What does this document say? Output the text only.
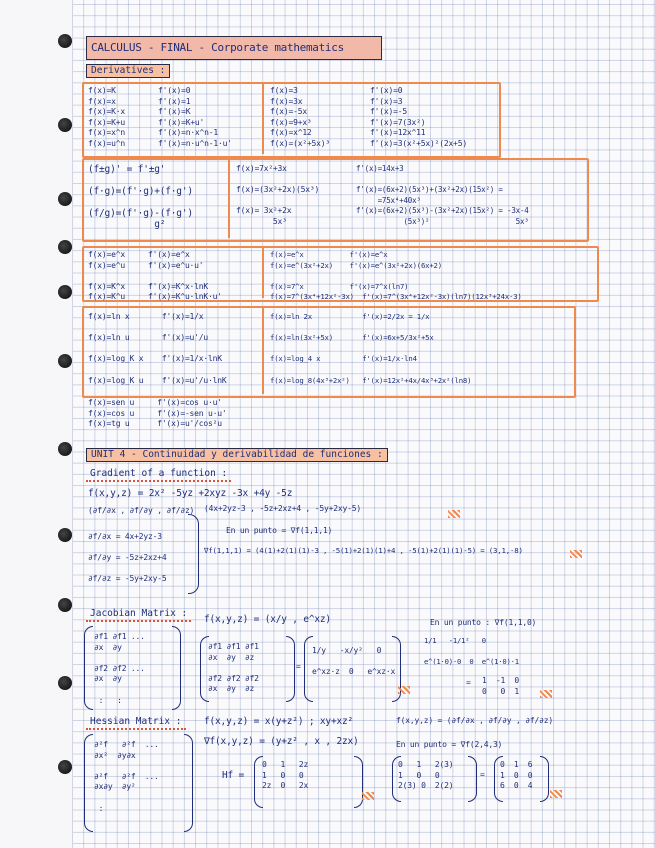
CALCULUS - FINAL - Corporate mathematics
Derivatives :
f(x)=K
f(x)=x
f(x)=K·x
f(x)=K+u
f(x)=x^n
f(x)=u^n
f'(x)=0
f'(x)=1
f'(x)=K
f'(x)=K+u'
f'(x)=n·x^n-1
f'(x)=n·u^n-1·u'
f(x)=3
f(x)=3x
f(x)=-5x
f(x)=9+x³
f(x)=x^12
f(x)=(x²+5x)³
f'(x)=0
f'(x)=3
f'(x)=-5
f'(x)=7(3x²)
f'(x)=12x^11
f'(x)=3(x²+5x)²(2x+5)
(f±g)' = f'±g'

(f·g)=(f'·g)+(f·g')

(f/g)=(f'·g)-(f·g')
g²
f(x)=7x²+3x

f(x)=(3x²+2x)(5x³)

f(x)= 3x²+2x
5x³
f'(x)=14x+3

f'(x)=(6x+2)(5x³)+(3x²+2x)(15x²) =
=75x⁴+40x³
f'(x)=(6x+2)(5x³)-(3x²+2x)(15x²) = -3x-4
(5x³)²                    5x³
f(x)=e^x     f'(x)=e^x
f(x)=e^u     f'(x)=e^u·u'

f(x)=K^x     f'(x)=K^x·lnK
f(x)=K^u     f'(x)=K^u·lnK·u'
f(x)=e^x           f'(x)=e^x
f(x)=e^(3x²+2x)    f'(x)=e^(3x²+2x)(6x+2)

f(x)=7^x           f'(x)=7^x(ln7)
f(x)=7^(3x⁴+12x²-3x)  f'(x)=7^(3x⁴+12x²-3x)(ln7)(12x³+24x-3)
f(x)=ln x       f'(x)=1/x

f(x)=ln u       f'(x)=u'/u

f(x)=log_K x    f'(x)=1/x·lnK

f(x)=log_K u    f'(x)=u'/u·lnK
f(x)=ln 2x            f'(x)=2/2x = 1/x

f(x)=ln(3x²+5x)       f'(x)=6x+5/3x²+5x

f(x)=log_4 x          f'(x)=1/x·ln4

f(x)=log_8(4x³+2x²)   f'(x)=12x²+4x/4x³+2x²(ln8)
f(x)=sen u     f'(x)=cos u·u'
f(x)=cos u     f'(x)=-sen u·u'
f(x)=tg u      f'(x)=u'/cos²u
UNIT 4 - Continuidad y derivabilidad de funciones :
Gradient of a function :
f(x,y,z) = 2x² -5yz +2xyz -3x +4y -5z
(∂f/∂x , ∂f/∂y , ∂f/∂z)
∂f/∂x = 4x+2yz-3

∂f/∂y = -5z+2xz+4

∂f/∂z = -5y+2xy-5
(4x+2yz-3 , -5z+2xz+4 , -5y+2xy-5)
En un punto = ∇f(1,1,1)
∇f(1,1,1) = (4(1)+2(1)(1)-3 , -5(1)+2(1)(1)+4 , -5(1)+2(1)(1)-5) = (3,1,-8)
Jacobian Matrix :
∂f1 ∂f1 ...
∂x  ∂y

∂f2 ∂f2 ...
∂x  ∂y

:   :
f(x,y,z) = (x/y , e^xz)
∂f1 ∂f1 ∂f1
∂x  ∂y  ∂z

∂f2 ∂f2 ∂f2
∂x  ∂y  ∂z
=
1/y   -x/y²   0

e^xz·z  0   e^xz·x
En un punto : ∇f(1,1,0)
1/1   -1/1²   0

e^(1·0)·0  0  e^(1·0)·1
= 1  -1  0
0   0  1
Hessian Matrix :
∂²f   ∂²f  ...
∂x²  ∂y∂x

∂²f   ∂²f  ...
∂x∂y  ∂y²

:
f(x,y,z) = x(y+z²) ; xy+xz²	f(x,y,z) = (∂f/∂x , ∂f/∂y , ∂f/∂z)
∇f(x,y,z) = (y+z² , x , 2zx)
Hf =
0   1   2z
1   0   0
2z  0   2x
En un punto = ∇f(2,4,3)
0   1   2(3)
1   0   0
2(3) 0  2(2)
=
0  1  6
1  0  0
6  0  4
